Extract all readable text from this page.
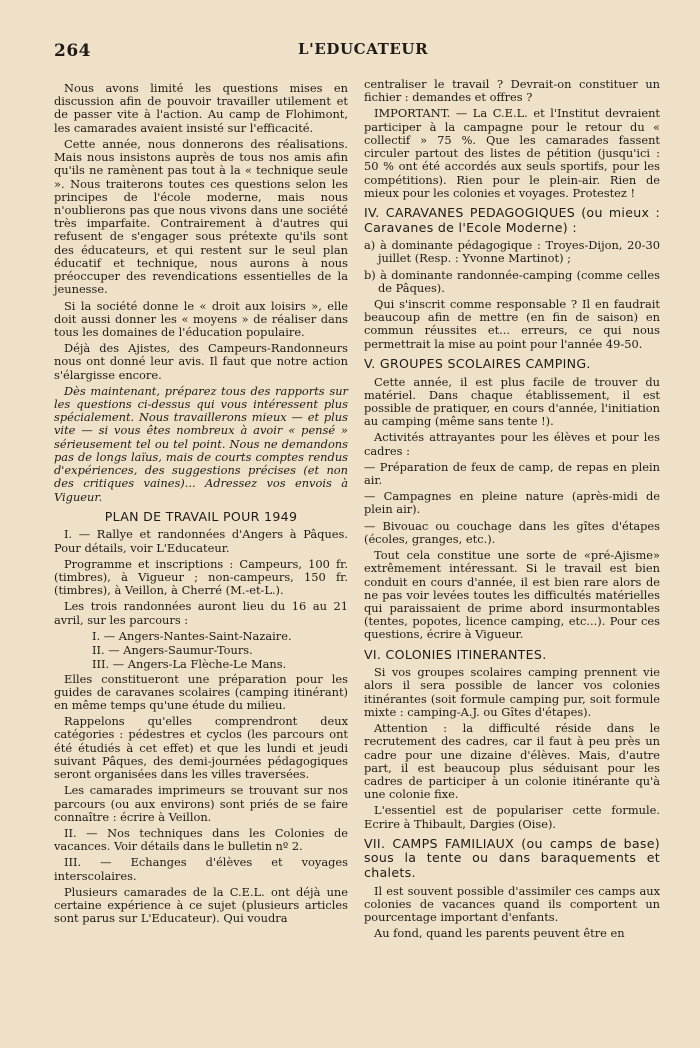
264	L'EDUCATEUR

Nous avons limité les questions mises en discussion afin de pouvoir travailler utilement et de passer vite à l'action. Au camp de Flohimont, les camarades avaient insisté sur l'efficacité.

Cette année, nous donnerons des réalisations. Mais nous insistons auprès de tous nos amis afin qu'ils ne ramènent pas tout à la « technique seule ». Nous traiterons toutes ces questions selon les principes de l'école moderne, mais nous n'oublierons pas que nous vivons dans une société très imparfaite. Contrairement à d'autres qui refusent de s'engager sous prétexte qu'ils sont des éducateurs, et qui restent sur le seul plan éducatif et technique, nous aurons à nous préoccuper des revendications essentielles de la jeunesse.

Si la société donne le « droit aux loisirs », elle doit aussi donner les « moyens » de réaliser dans tous les domaines de l'éducation populaire.

Déjà des Ajistes, des Campeurs-Randonneurs nous ont donné leur avis. Il faut que notre action s'élargisse encore.

Dès maintenant, préparez tous des rapports sur les questions ci-dessus qui vous intéressent plus spécialement. Nous travaillerons mieux — et plus vite — si vous êtes nombreux à avoir « pensé » sérieusement tel ou tel point. Nous ne demandons pas de longs laïus, mais de courts comptes rendus d'expériences, des suggestions précises (et non des critiques vaines)... Adressez vos envois à Vigueur.

PLAN DE TRAVAIL POUR 1949

I. — Rallye et randonnées d'Angers à Pâques. Pour détails, voir L'Educateur.

Programme et inscriptions : Campeurs, 100 fr. (timbres), à Vigueur ; non-campeurs, 150 fr. (timbres), à Veillon, à Cherré (M.-et-L.).

Les trois randonnées auront lieu du 16 au 21 avril, sur les parcours :

I. — Angers-Nantes-Saint-Nazaire.

II. — Angers-Saumur-Tours.

III. — Angers-La Flèche-Le Mans.

Elles constitueront une préparation pour les guides de caravanes scolaires (camping itinérant) en même temps qu'une étude du milieu.

Rappelons qu'elles comprendront deux catégories : pédestres et cyclos (les parcours ont été étudiés à cet effet) et que les lundi et jeudi suivant Pâques, des demi-journées pédagogiques seront organisées dans les villes traversées.

Les camarades imprimeurs se trouvant sur nos parcours (ou aux environs) sont priés de se faire connaître : écrire à Veillon.

II. — Nos techniques dans les Colonies de vacances. Voir détails dans le bulletin nº 2.

III. — Echanges d'élèves et voyages interscolaires.

Plusieurs camarades de la C.E.L. ont déjà une certaine expérience à ce sujet (plusieurs articles sont parus sur L'Educateur). Qui voudra

centraliser le travail ? Devrait-on constituer un fichier : demandes et offres ?

IMPORTANT. — La C.E.L. et l'Institut devraient participer à la campagne pour le retour du « collectif » 75 %. Que les camarades fassent circuler partout des listes de pétition (jusqu'ici : 50 % ont été accordés aux seuls sportifs, pour les compétitions). Rien pour le plein-air. Rien de mieux pour les colonies et voyages. Protestez !

IV. CARAVANES PEDAGOGIQUES (ou mieux : Caravanes de l'Ecole Moderne) :

a) à dominante pédagogique : Troyes-Dijon, 20-30 juillet (Resp. : Yvonne Martinot) ;

b) à dominante randonnée-camping (comme celles de Pâques).

Qui s'inscrit comme responsable ? Il en faudrait beaucoup afin de mettre (en fin de saison) en commun réussites et... erreurs, ce qui nous permettrait la mise au point pour l'année 49-50.

V. GROUPES SCOLAIRES CAMPING.

Cette année, il est plus facile de trouver du matériel. Dans chaque établissement, il est possible de pratiquer, en cours d'année, l'initiation au camping (même sans tente !).

Activités attrayantes pour les élèves et pour les cadres :

— Préparation de feux de camp, de repas en plein air.

— Campagnes en pleine nature (après-midi de plein air).

— Bivouac ou couchage dans les gîtes d'étapes (écoles, granges, etc.).

Tout cela constitue une sorte de «pré-Ajisme» extrêmement intéressant. Si le travail est bien conduit en cours d'année, il est bien rare alors de ne pas voir levées toutes les difficultés matérielles qui paraissaient de prime abord insurmontables (tentes, popotes, licence camping, etc...). Pour ces questions, écrire à Vigueur.

VI. COLONIES ITINERANTES.

Si vos groupes scolaires camping prennent vie alors il sera possible de lancer vos colonies itinérantes (soit formule camping pur, soit formule mixte : camping-A.J. ou Gîtes d'étapes).

Attention : la difficulté réside dans le recrutement des cadres, car il faut à peu près un cadre pour une dizaine d'élèves. Mais, d'autre part, il est beaucoup plus séduisant pour les cadres de participer à un colonie itinérante qu'à une colonie fixe.

L'essentiel est de populariser cette formule. Ecrire à Thibault, Dargies (Oise).

VII. CAMPS FAMILIAUX (ou camps de base) sous la tente ou dans baraquements et chalets.

Il est souvent possible d'assimiler ces camps aux colonies de vacances quand ils comportent un pourcentage important d'enfants.

Au fond, quand les parents peuvent être en
